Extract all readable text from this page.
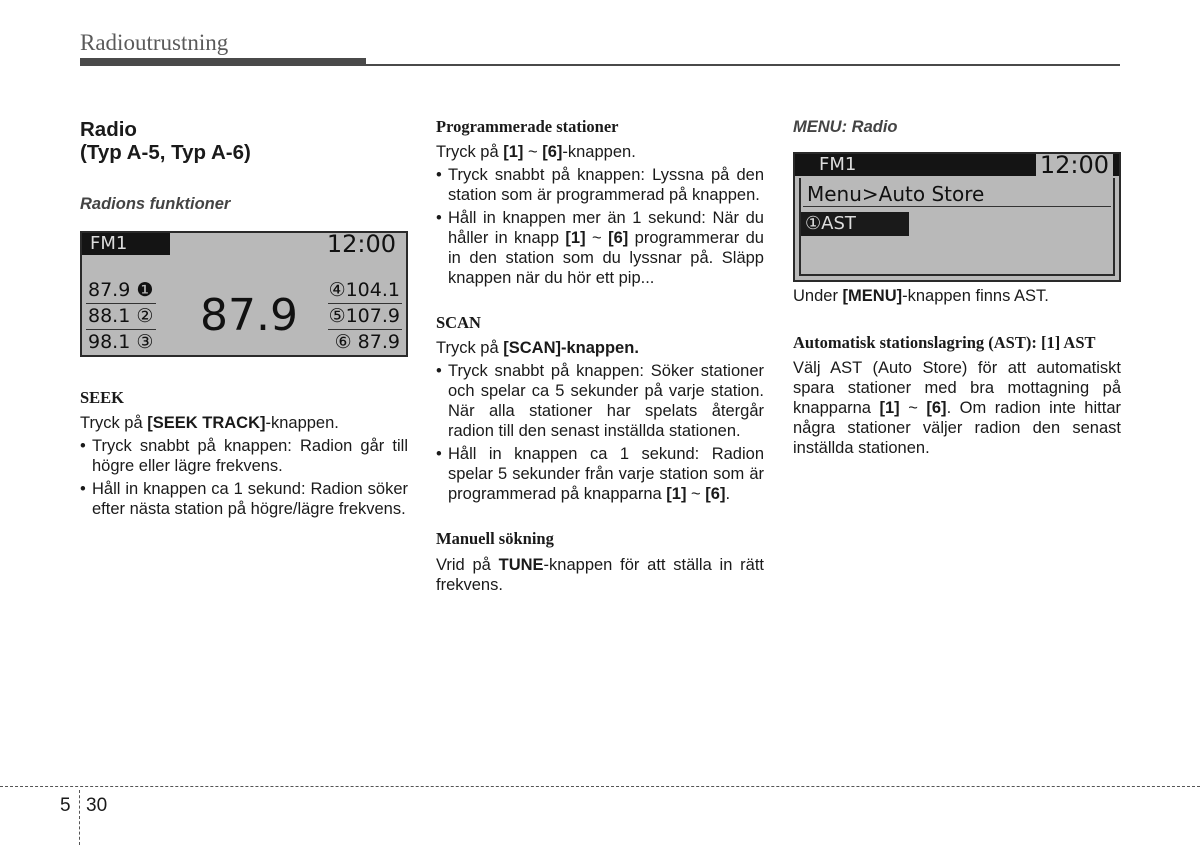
Radioutrustning
Radio
(Typ A-5, Typ A-6)
Radions funktioner
FM1	12:00
87.9 ❶
88.1 ②
98.1 ③
87.9 ④104.1
⑤107.9
⑥ 87.9
SEEK

Tryck på [SEEK TRACK]-knappen.

• Tryck snabbt på knappen: Radion går till högre eller lägre frekvens.
• Håll in knappen ca 1 sekund: Radion söker efter nästa station på högre/lägre frekvens.
Programmerade stationer

Tryck på [1] ~ [6]-knappen.

• Tryck snabbt på knappen: Lyssna på den station som är programmerad på knappen.
• Håll in knappen mer än 1 sekund: När du håller in knapp [1] ~ [6] programmerar du in den station som du lyssnar på. Släpp knappen när du hör ett pip...
SCAN

Tryck på [SCAN]-knappen.

• Tryck snabbt på knappen: Söker stationer och spelar ca 5 sekunder på varje station. När alla stationer har spelats återgår radion till den senast inställda stationen.
• Håll in knappen ca 1 sekund: Radion spelar 5 sekunder från varje station som är programmerad på knapparna [1] ~ [6].
Manuell sökning

Vrid på TUNE-knappen för att ställa in rätt frekvens.

MENU: Radio
FM1	12:00
Menu>Auto Store
①AST

Under [MENU]-knappen finns AST.

Automatisk stationslagring (AST): [1] AST

Välj AST (Auto Store) för att automatiskt spara stationer med bra mottagning på knapparna [1] ~ [6]. Om radion inte hittar några stationer väljer radion den senast inställda stationen.

5 30
